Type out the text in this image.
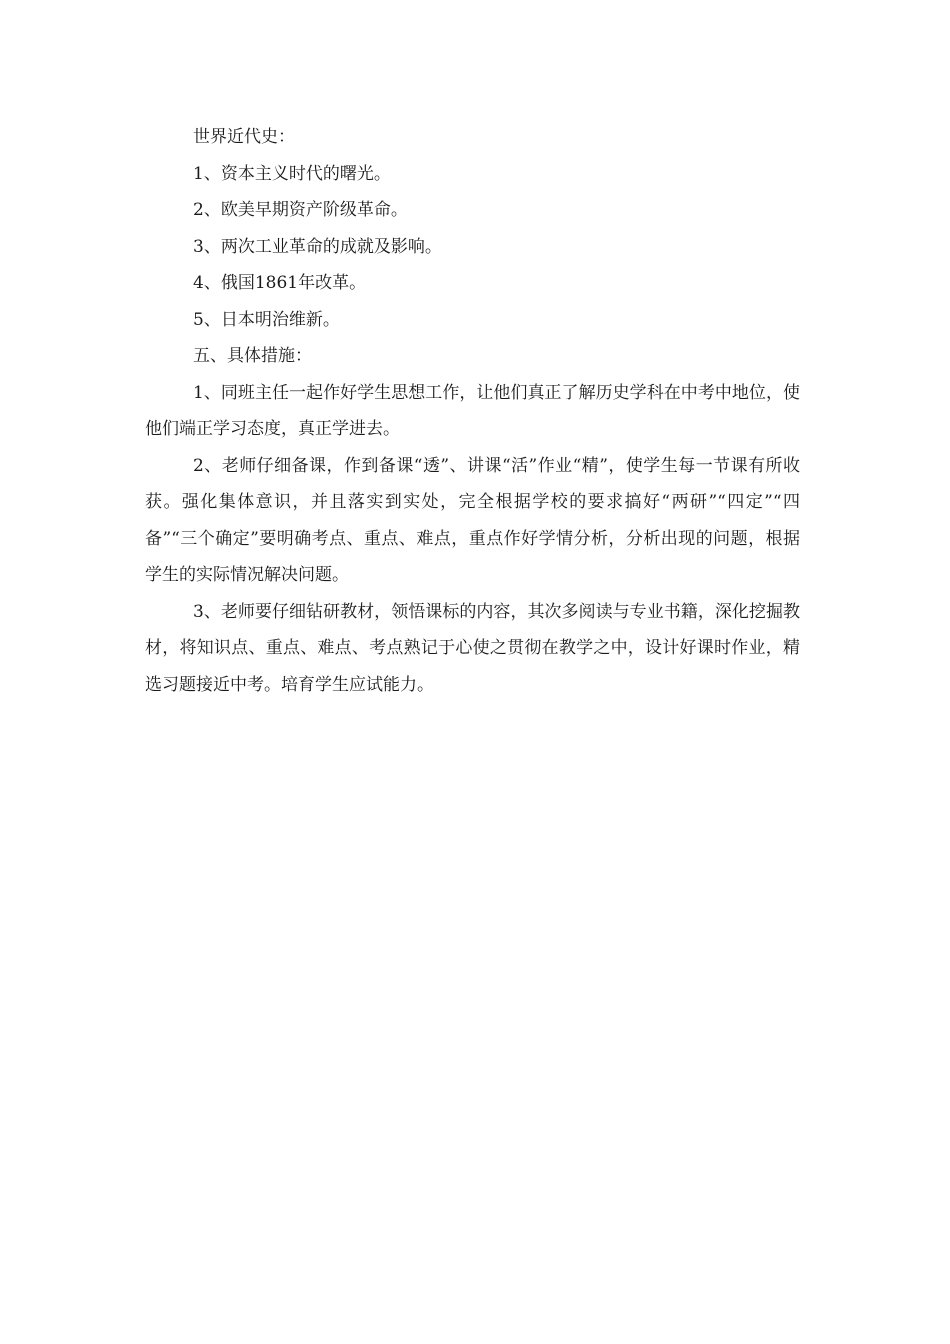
世界近代史：

1、资本主义时代的曙光。

2、欧美早期资产阶级革命。

3、两次工业革命的成就及影响。

4、俄国1861年改革。

5、日本明治维新。

五、具体措施：

1、同班主任一起作好学生思想工作，让他们真正了解历史学科在中考中地位，使他们端正学习态度，真正学进去。

2、老师仔细备课，作到备课“透”、讲课“活”作业“精”，使学生每一节课有所收获。强化集体意识，并且落实到实处，完全根据学校的要求搞好“两研”“四定”“四备”“三个确定”要明确考点、重点、难点，重点作好学情分析，分析出现的问题，根据学生的实际情况解决问题。

3、老师要仔细钻研教材，领悟课标的内容，其次多阅读与专业书籍，深化挖掘教材，将知识点、重点、难点、考点熟记于心使之贯彻在教学之中，设计好课时作业，精选习题接近中考。培育学生应试能力。
